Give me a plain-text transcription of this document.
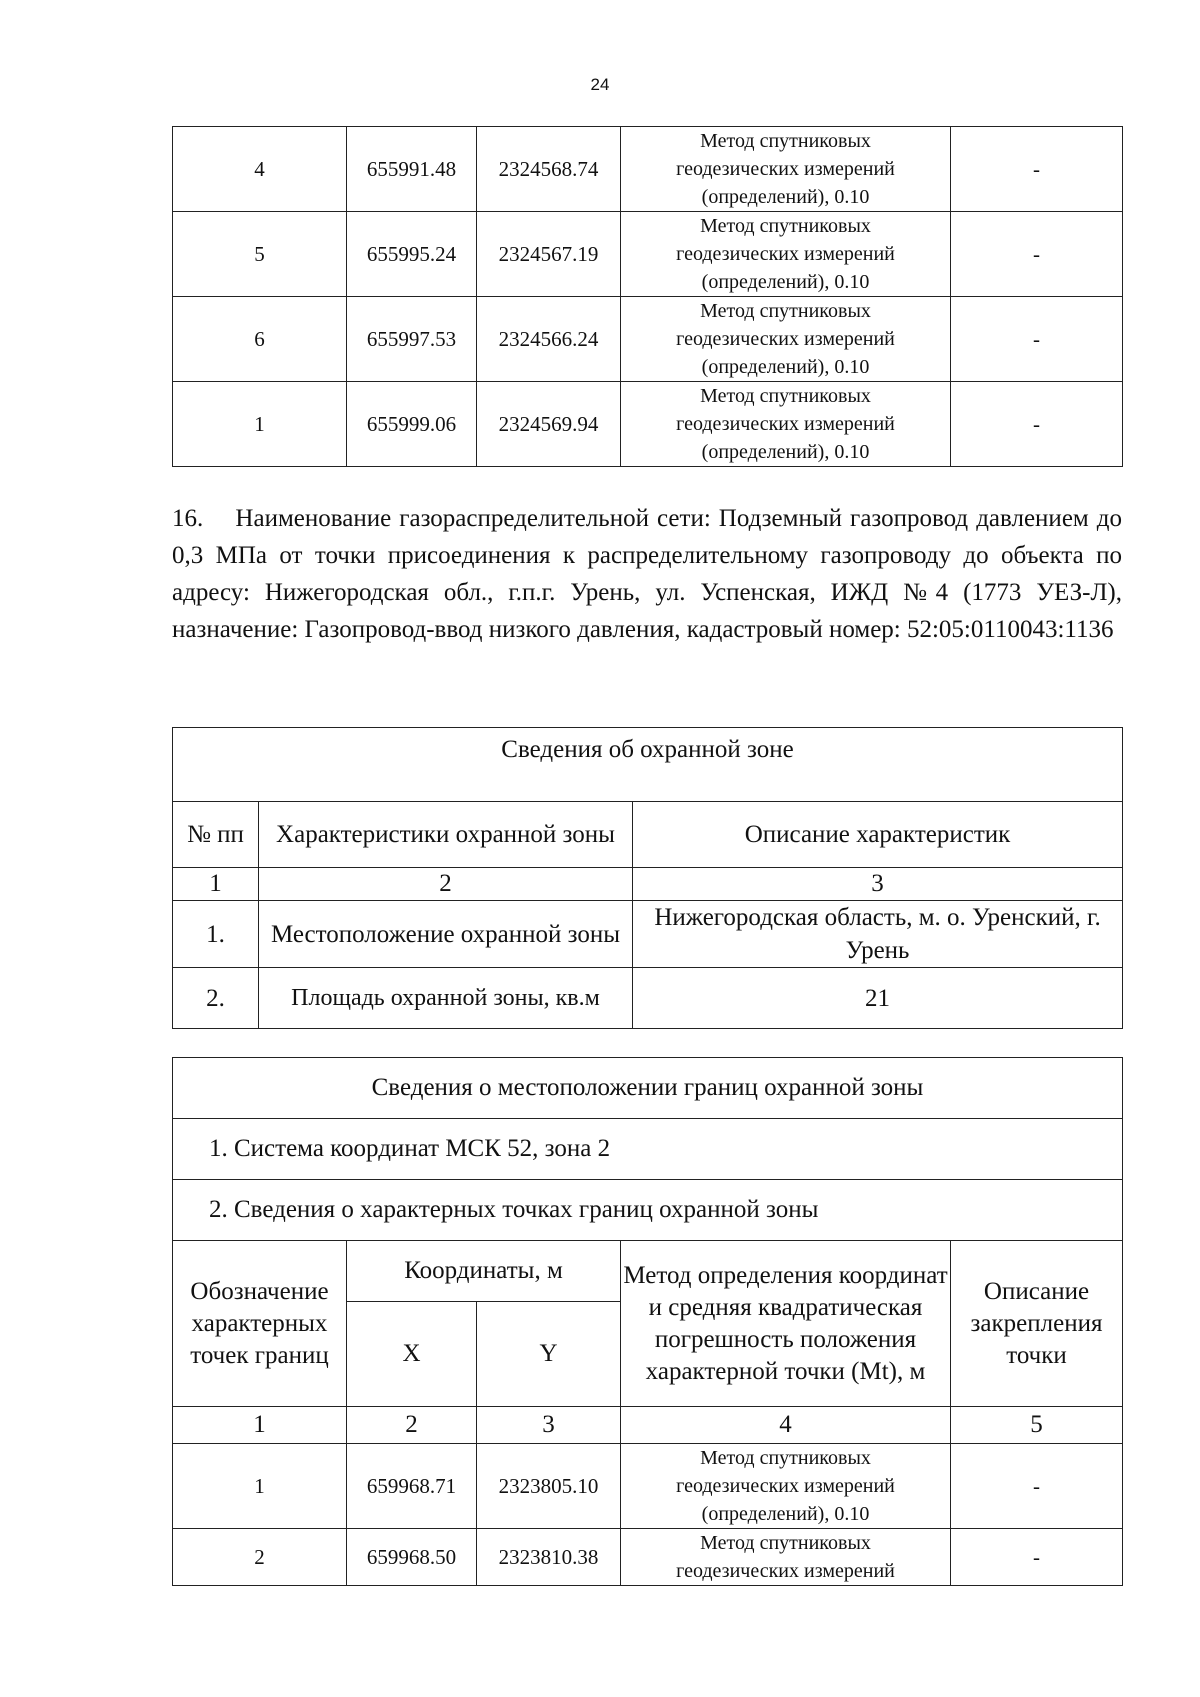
24
4	655991.48	2324568.74	Метод спутниковых
геодезических измерений
(определений), 0.10	-
5	655995.24	2324567.19	Метод спутниковых
геодезических измерений
(определений), 0.10	-
6	655997.53	2324566.24	Метод спутниковых
геодезических измерений
(определений), 0.10	-
1	655999.06	2324569.94	Метод спутниковых
геодезических измерений
(определений), 0.10	-

16.    Наименование газораспределительной сети: Подземный газопровод давлением до 0,3 МПа от точки присоединения к распределительному газопроводу до объекта по адресу: Нижегородская обл., г.п.г. Урень, ул. Успенская, ИЖД №4 (1773 УЕЗ-Л), назначение: Газопровод-ввод низкого давления, кадастровый номер: 52:05:0110043:1136

Сведения об охранной зоне		
№ пп	Характеристики охранной зоны	Описание характеристик
1	2	3
1.	Местоположение охранной зоны	Нижегородская область, м. о. Уренский, г. Урень
2.	Площадь охранной зоны, кв.м	21
Сведения о местоположении границ охранной зоны				
1. Система координат МСК 52, зона 2				
2. Сведения о характерных точках границ охранной зоны				
Обозначение характерных точек границ	Координаты, м		Метод определения координат и средняя квадратическая погрешность положения характерной точки (Mt), м	Описание закрепления точки
	X	Y		
1	2	3	4	5
1	659968.71	2323805.10	Метод спутниковых
геодезических измерений
(определений), 0.10	-
2	659968.50	2323810.38	Метод спутниковых
геодезических измерений	-
